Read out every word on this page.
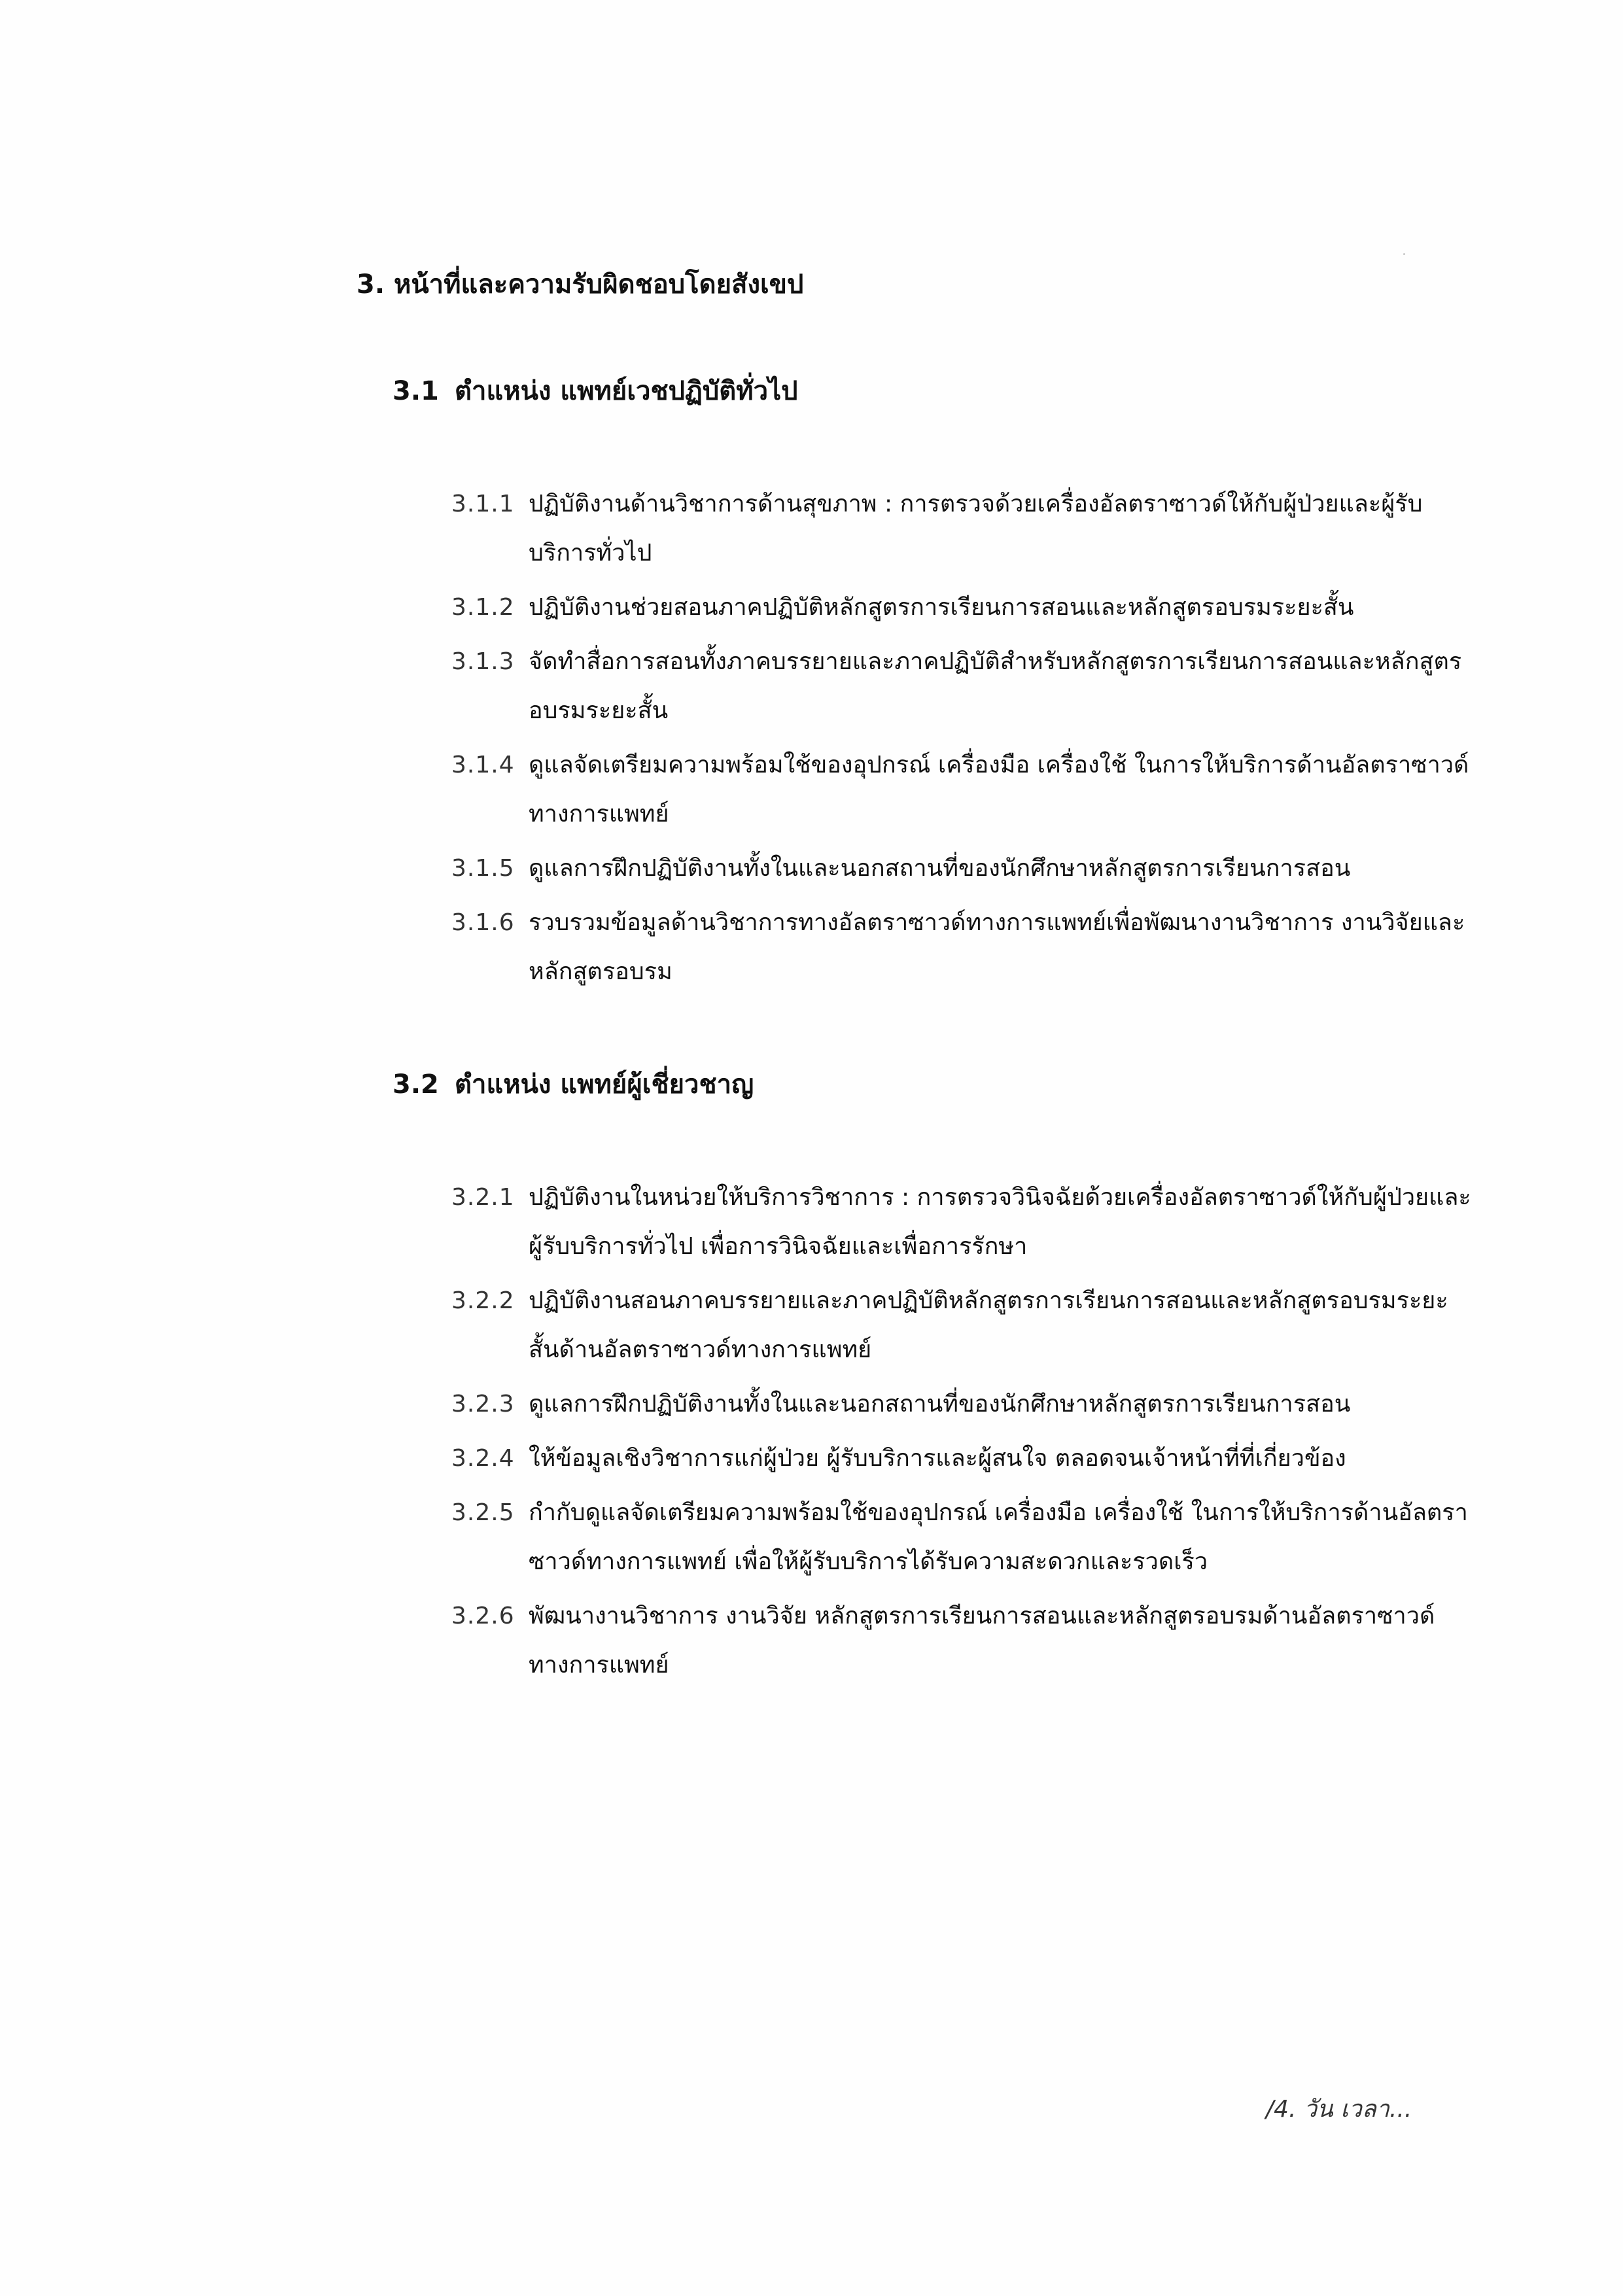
3. หน้าที่และความรับผิดชอบโดยสังเขป
3.1 ตำแหน่ง แพทย์เวชปฏิบัติทั่วไป
3.1.1 ปฏิบัติงานด้านวิชาการด้านสุขภาพ : การตรวจด้วยเครื่องอัลตราซาวด์ให้กับผู้ป่วยและผู้รับบริการทั่วไป
3.1.2 ปฏิบัติงานช่วยสอนภาคปฏิบัติหลักสูตรการเรียนการสอนและหลักสูตรอบรมระยะสั้น
3.1.3 จัดทำสื่อการสอนทั้งภาคบรรยายและภาคปฏิบัติสำหรับหลักสูตรการเรียนการสอนและหลักสูตรอบรมระยะสั้น
3.1.4 ดูแลจัดเตรียมความพร้อมใช้ของอุปกรณ์ เครื่องมือ เครื่องใช้ ในการให้บริการด้านอัลตราซาวด์ทางการแพทย์
3.1.5 ดูแลการฝึกปฏิบัติงานทั้งในและนอกสถานที่ของนักศึกษาหลักสูตรการเรียนการสอน
3.1.6 รวบรวมข้อมูลด้านวิชาการทางอัลตราซาวด์ทางการแพทย์เพื่อพัฒนางานวิชาการ งานวิจัยและหลักสูตรอบรม
3.2 ตำแหน่ง แพทย์ผู้เชี่ยวชาญ
3.2.1 ปฏิบัติงานในหน่วยให้บริการวิชาการ : การตรวจวินิจฉัยด้วยเครื่องอัลตราซาวด์ให้กับผู้ป่วยและผู้รับบริการทั่วไป เพื่อการวินิจฉัยและเพื่อการรักษา
3.2.2 ปฏิบัติงานสอนภาคบรรยายและภาคปฏิบัติหลักสูตรการเรียนการสอนและหลักสูตรอบรมระยะสั้นด้านอัลตราซาวด์ทางการแพทย์
3.2.3 ดูแลการฝึกปฏิบัติงานทั้งในและนอกสถานที่ของนักศึกษาหลักสูตรการเรียนการสอน
3.2.4 ให้ข้อมูลเชิงวิชาการแก่ผู้ป่วย ผู้รับบริการและผู้สนใจ ตลอดจนเจ้าหน้าที่ที่เกี่ยวข้อง
3.2.5 กำกับดูแลจัดเตรียมความพร้อมใช้ของอุปกรณ์ เครื่องมือ เครื่องใช้ ในการให้บริการด้านอัลตราซาวด์ทางการแพทย์ เพื่อให้ผู้รับบริการได้รับความสะดวกและรวดเร็ว
3.2.6 พัฒนางานวิชาการ งานวิจัย หลักสูตรการเรียนการสอนและหลักสูตรอบรมด้านอัลตราซาวด์ทางการแพทย์
/4. วัน เวลา...
